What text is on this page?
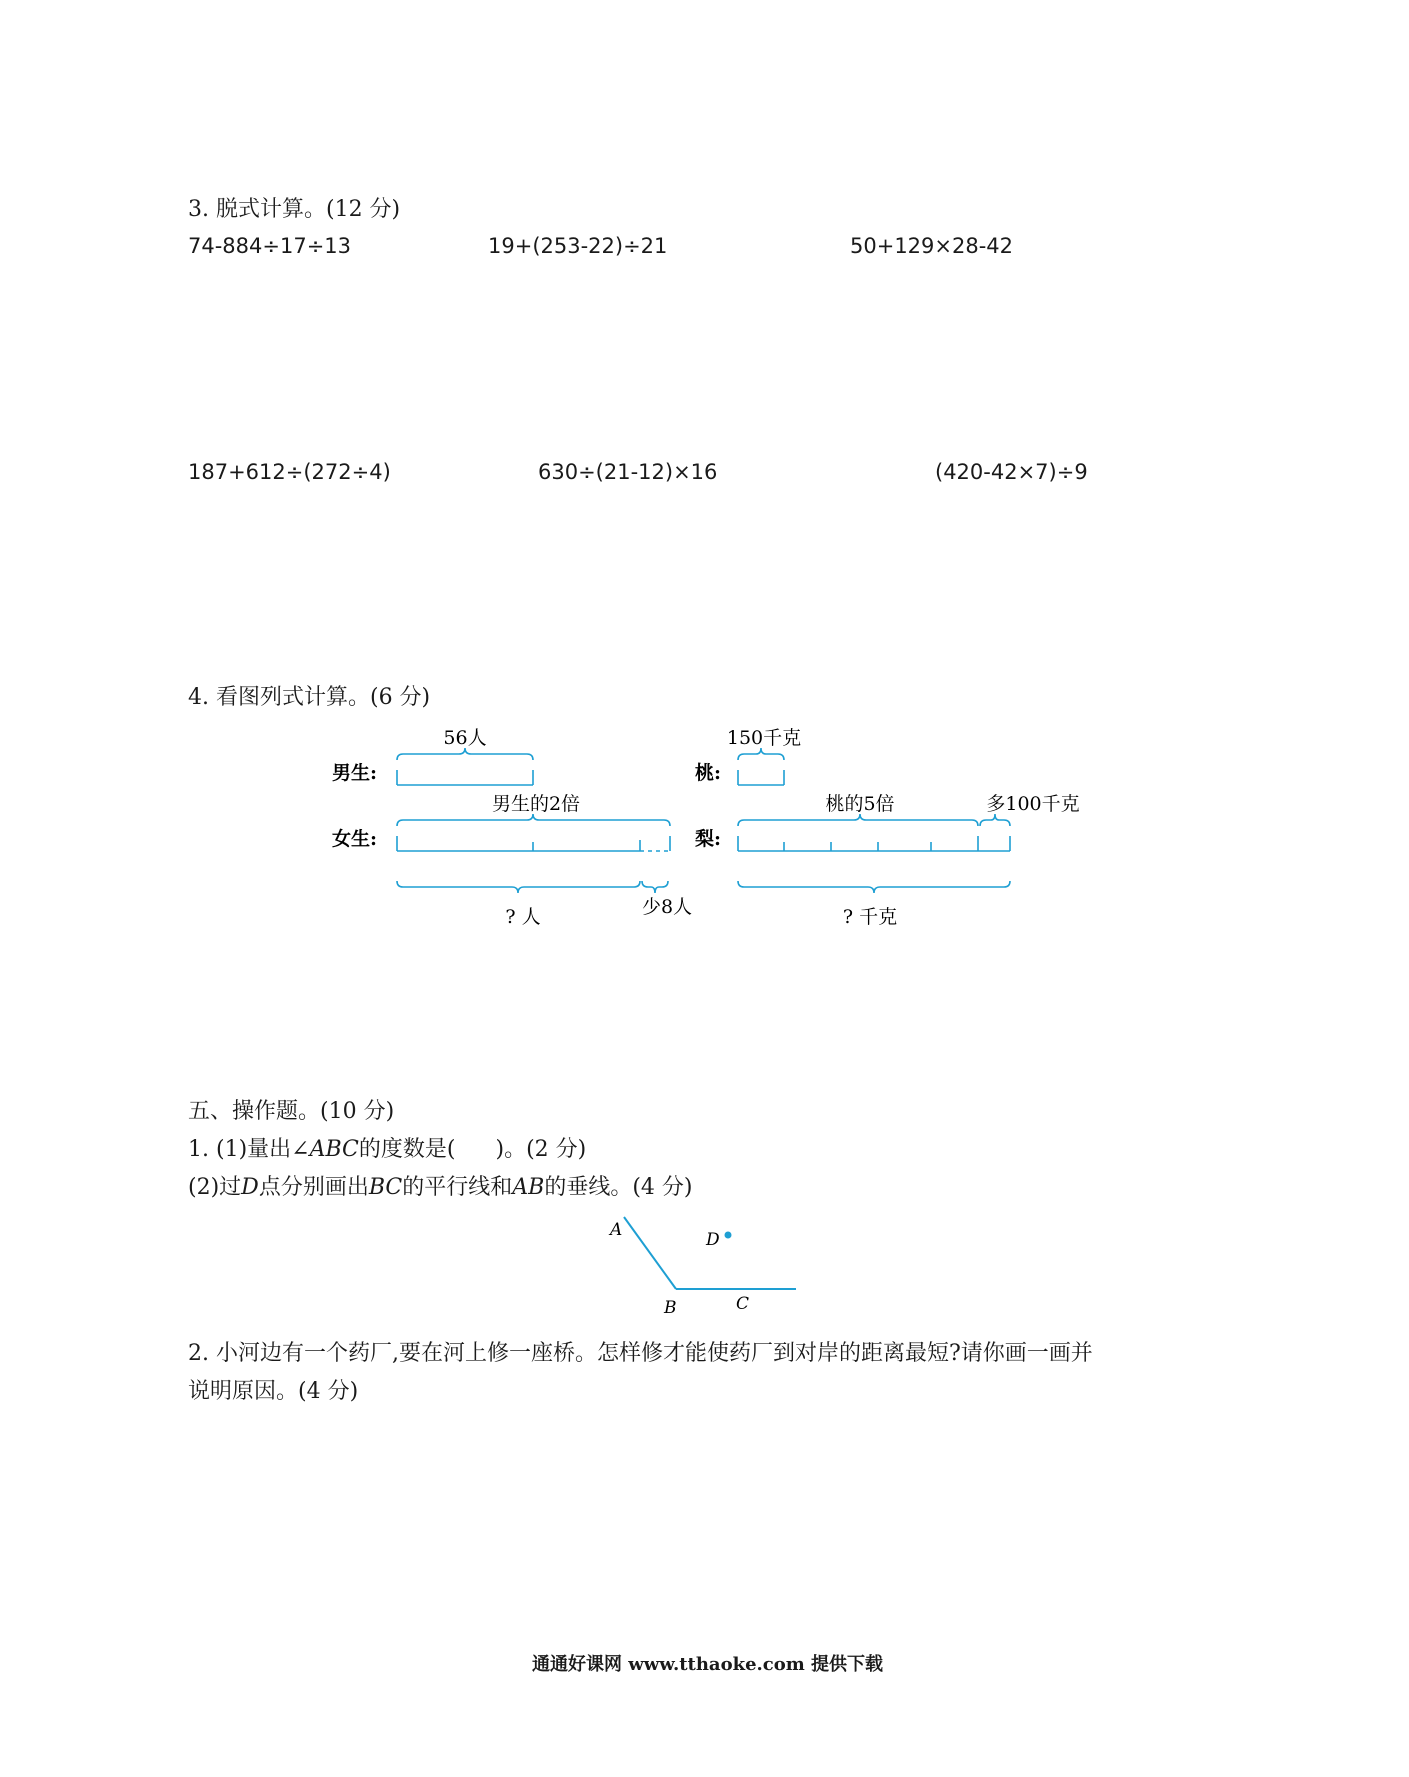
3. 脱式计算。(12 分)
74-884÷17÷13	19+(253-22)÷21	50+129×28-42
187+612÷(272÷4)	630÷(21-12)×16	(420-42×7)÷9
4. 看图列式计算。(6 分)
56人
男生:
男生的2倍
女生:
? 人	少8人
150千克
桃:
桃的5倍	多100千克
梨:
? 千克
五、操作题。(10 分)
1. (1)量出∠ABC的度数是( )。(2 分)
(2)过D点分别画出BC的平行线和AB的垂线。(4 分)
A	D
B	C
2. 小河边有一个药厂,要在河上修一座桥。怎样修才能使药厂到对岸的距离最短?请你画一画并
说明原因。(4 分)
通通好课网 www.tthaoke.com 提供下载
